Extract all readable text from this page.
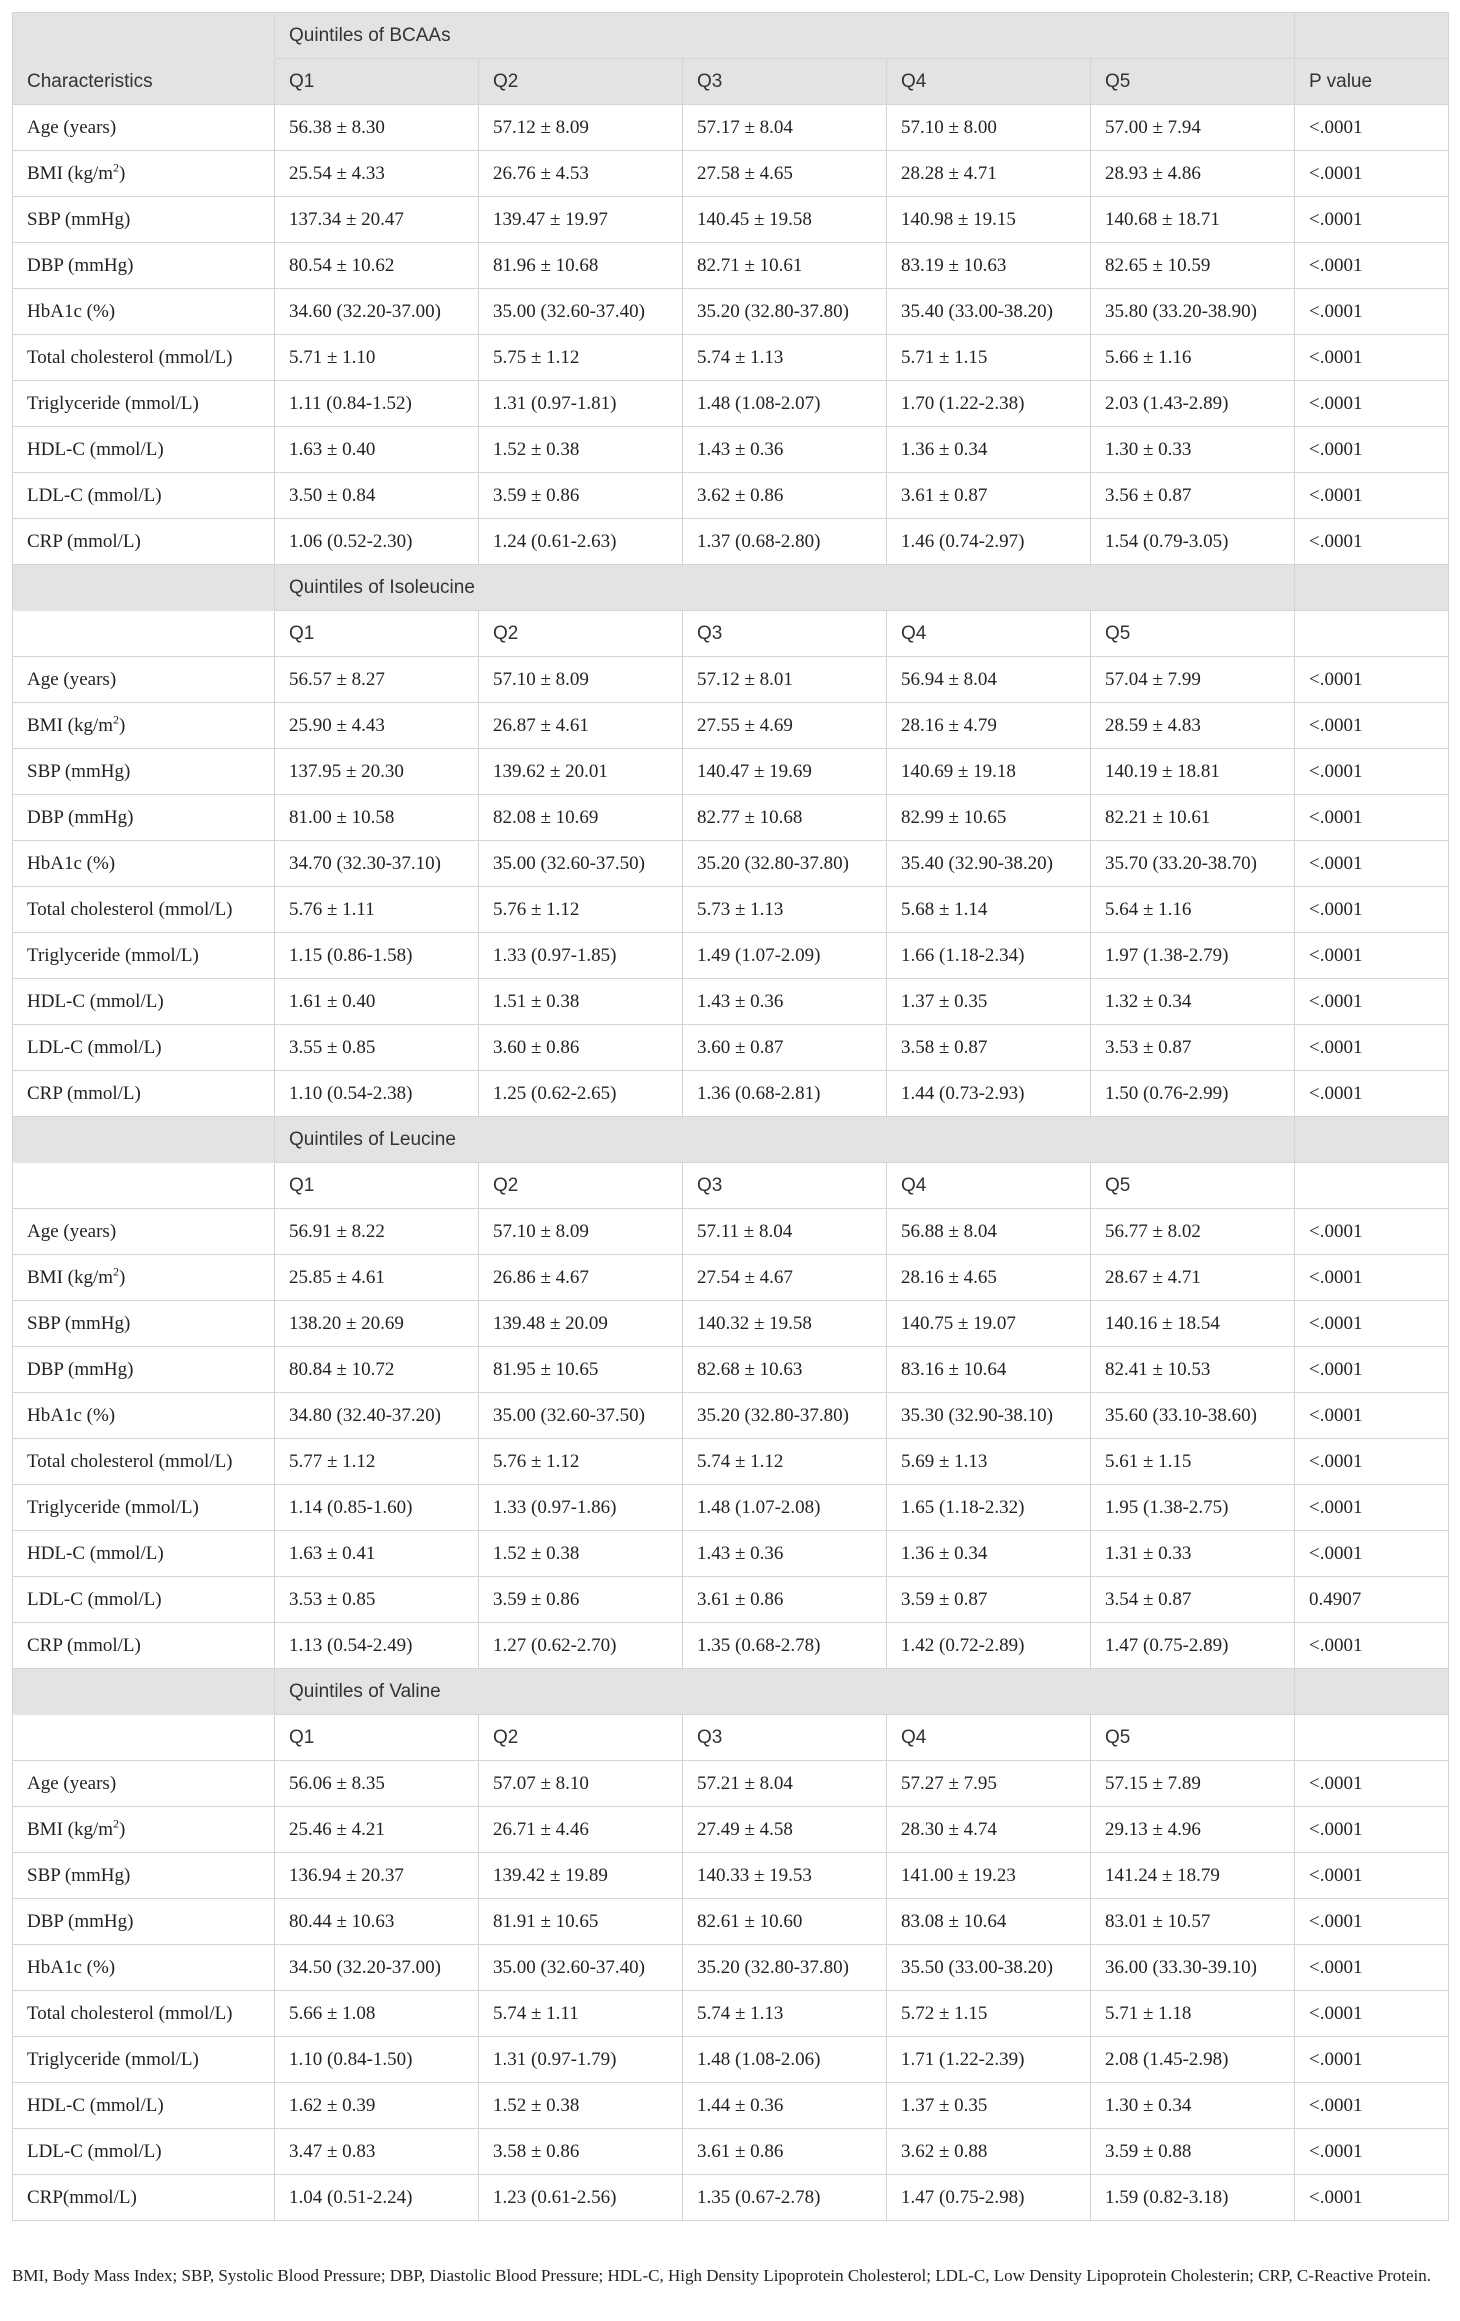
	Quintiles of BCAAs					
Characteristics	Q1	Q2	Q3	Q4	Q5	P value
Age (years)	56.38 ± 8.30	57.12 ± 8.09	57.17 ± 8.04	57.10 ± 8.00	57.00 ± 7.94	<.0001
BMI $(kg/m^2)$	25.54 ± 4.33	26.76 ± 4.53	27.58 ± 4.65	28.28 ± 4.71	28.93 ± 4.86	<.0001
SBP (mmHg)	137.34 ± 20.47	139.47 ± 19.97	140.45 ± 19.58	140.98 ± 19.15	140.68 ± 18.71	<.0001
DBP (mmHg)	80.54 ± 10.62	81.96 ± 10.68	82.71 ± 10.61	83.19 ± 10.63	82.65 ± 10.59	<.0001
HbA1c (%)	34.60 (32.20-37.00)	35.00 (32.60-37.40)	35.20 (32.80-37.80)	35.40 (33.00-38.20)	35.80 (33.20-38.90)	<.0001
Total cholesterol (mmol/L)	5.71 ± 1.10	5.75 ± 1.12	5.74 ± 1.13	5.71 ± 1.15	5.66 ± 1.16	<.0001
Triglyceride (mmol/L)	1.11 (0.84-1.52)	1.31 (0.97-1.81)	1.48 (1.08-2.07)	1.70 (1.22-2.38)	2.03 (1.43-2.89)	<.0001
HDL-C (mmol/L)	1.63 ± 0.40	1.52 ± 0.38	1.43 ± 0.36	1.36 ± 0.34	1.30 ± 0.33	<.0001
LDL-C (mmol/L)	3.50 ± 0.84	3.59 ± 0.86	3.62 ± 0.86	3.61 ± 0.87	3.56 ± 0.87	<.0001
CRP (mmol/L)	1.06 (0.52-2.30)	1.24 (0.61-2.63)	1.37 (0.68-2.80)	1.46 (0.74-2.97)	1.54 (0.79-3.05)	<.0001
	Quintiles of Isoleucine					
	Q1	Q2	Q3	Q4	Q5	
Age (years)	56.57 ± 8.27	57.10 ± 8.09	57.12 ± 8.01	56.94 ± 8.04	57.04 ± 7.99	<.0001
BMI $(kg/m^2)$	25.90 ± 4.43	26.87 ± 4.61	27.55 ± 4.69	28.16 ± 4.79	28.59 ± 4.83	<.0001
SBP (mmHg)	137.95 ± 20.30	139.62 ± 20.01	140.47 ± 19.69	140.69 ± 19.18	140.19 ± 18.81	<.0001
DBP (mmHg)	81.00 ± 10.58	82.08 ± 10.69	82.77 ± 10.68	82.99 ± 10.65	82.21 ± 10.61	<.0001
HbA1c (%)	34.70 (32.30-37.10)	35.00 (32.60-37.50)	35.20 (32.80-37.80)	35.40 (32.90-38.20)	35.70 (33.20-38.70)	<.0001
Total cholesterol (mmol/L)	5.76 ± 1.11	5.76 ± 1.12	5.73 ± 1.13	5.68 ± 1.14	5.64 ± 1.16	<.0001
Triglyceride (mmol/L)	1.15 (0.86-1.58)	1.33 (0.97-1.85)	1.49 (1.07-2.09)	1.66 (1.18-2.34)	1.97 (1.38-2.79)	<.0001
HDL-C (mmol/L)	1.61 ± 0.40	1.51 ± 0.38	1.43 ± 0.36	1.37 ± 0.35	1.32 ± 0.34	<.0001
LDL-C (mmol/L)	3.55 ± 0.85	3.60 ± 0.86	3.60 ± 0.87	3.58 ± 0.87	3.53 ± 0.87	<.0001
CRP (mmol/L)	1.10 (0.54-2.38)	1.25 (0.62-2.65)	1.36 (0.68-2.81)	1.44 (0.73-2.93)	1.50 (0.76-2.99)	<.0001
	Quintiles of Leucine					
	Q1	Q2	Q3	Q4	Q5	
Age (years)	56.91 ± 8.22	57.10 ± 8.09	57.11 ± 8.04	56.88 ± 8.04	56.77 ± 8.02	<.0001
BMI $(kg/m^2)$	25.85 ± 4.61	26.86 ± 4.67	27.54 ± 4.67	28.16 ± 4.65	28.67 ± 4.71	<.0001
SBP (mmHg)	138.20 ± 20.69	139.48 ± 20.09	140.32 ± 19.58	140.75 ± 19.07	140.16 ± 18.54	<.0001
DBP (mmHg)	80.84 ± 10.72	81.95 ± 10.65	82.68 ± 10.63	83.16 ± 10.64	82.41 ± 10.53	<.0001
HbA1c (%)	34.80 (32.40-37.20)	35.00 (32.60-37.50)	35.20 (32.80-37.80)	35.30 (32.90-38.10)	35.60 (33.10-38.60)	<.0001
Total cholesterol (mmol/L)	5.77 ± 1.12	5.76 ± 1.12	5.74 ± 1.12	5.69 ± 1.13	5.61 ± 1.15	<.0001
Triglyceride (mmol/L)	1.14 (0.85-1.60)	1.33 (0.97-1.86)	1.48 (1.07-2.08)	1.65 (1.18-2.32)	1.95 (1.38-2.75)	<.0001
HDL-C (mmol/L)	1.63 ± 0.41	1.52 ± 0.38	1.43 ± 0.36	1.36 ± 0.34	1.31 ± 0.33	<.0001
LDL-C (mmol/L)	3.53 ± 0.85	3.59 ± 0.86	3.61 ± 0.86	3.59 ± 0.87	3.54 ± 0.87	0.4907
CRP (mmol/L)	1.13 (0.54-2.49)	1.27 (0.62-2.70)	1.35 (0.68-2.78)	1.42 (0.72-2.89)	1.47 (0.75-2.89)	<.0001
	Quintiles of Valine					
	Q1	Q2	Q3	Q4	Q5	
Age (years)	56.06 ± 8.35	57.07 ± 8.10	57.21 ± 8.04	57.27 ± 7.95	57.15 ± 7.89	<.0001
BMI $(kg/m^2)$	25.46 ± 4.21	26.71 ± 4.46	27.49 ± 4.58	28.30 ± 4.74	29.13 ± 4.96	<.0001
SBP (mmHg)	136.94 ± 20.37	139.42 ± 19.89	140.33 ± 19.53	141.00 ± 19.23	141.24 ± 18.79	<.0001
DBP (mmHg)	80.44 ± 10.63	81.91 ± 10.65	82.61 ± 10.60	83.08 ± 10.64	83.01 ± 10.57	<.0001
HbA1c (%)	34.50 (32.20-37.00)	35.00 (32.60-37.40)	35.20 (32.80-37.80)	35.50 (33.00-38.20)	36.00 (33.30-39.10)	<.0001
Total cholesterol (mmol/L)	5.66 ± 1.08	5.74 ± 1.11	5.74 ± 1.13	5.72 ± 1.15	5.71 ± 1.18	<.0001
Triglyceride (mmol/L)	1.10 (0.84-1.50)	1.31 (0.97-1.79)	1.48 (1.08-2.06)	1.71 (1.22-2.39)	2.08 (1.45-2.98)	<.0001
HDL-C (mmol/L)	1.62 ± 0.39	1.52 ± 0.38	1.44 ± 0.36	1.37 ± 0.35	1.30 ± 0.34	<.0001
LDL-C (mmol/L)	3.47 ± 0.83	3.58 ± 0.86	3.61 ± 0.86	3.62 ± 0.88	3.59 ± 0.88	<.0001
CRP(mmol/L)	1.04 (0.51-2.24)	1.23 (0.61-2.56)	1.35 (0.67-2.78)	1.47 (0.75-2.98)	1.59 (0.82-3.18)	<.0001
BMI, Body Mass Index; SBP, Systolic Blood Pressure; DBP, Diastolic Blood Pressure; HDL-C, High Density Lipoprotein Cholesterol; LDL-C, Low Density Lipoprotein Cholesterin; CRP, C-Reactive Protein.
